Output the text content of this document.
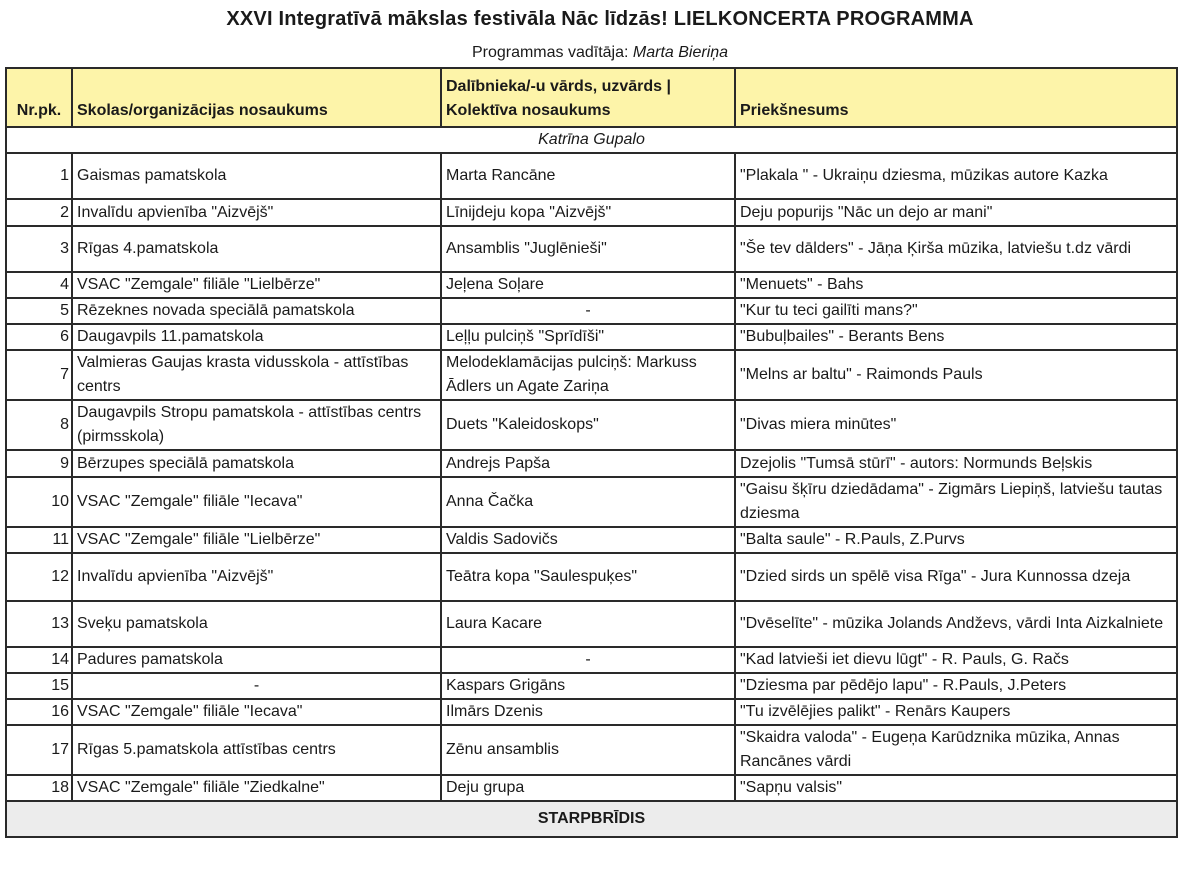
XXVI Integratīvā mākslas festivāla Nāc līdzās! LIELKONCERTA PROGRAMMA
Programmas vadītāja: Marta Bieriņa
Nr.pk.	Skolas/organizācijas nosaukums	Dalībnieka/-u vārds, uzvārds | Kolektīva nosaukums	Priekšnesums
Katrīna Gupalo			
1	Gaismas pamatskola	Marta Rancāne	"Plakala " - Ukraiņu dziesma, mūzikas autore Kazka
2	Invalīdu apvienība "Aizvējš"	Līnijdeju kopa "Aizvējš"	Deju popurijs "Nāc un dejo ar mani"
3	Rīgas 4.pamatskola	Ansamblis "Juglēnieši"	"Še tev dālders" - Jāņa Ķirša mūzika, latviešu t.dz vārdi
4	VSAC "Zemgale" filiāle "Lielbērze"	Jeļena Soļare	"Menuets" - Bahs
5	Rēzeknes novada speciālā pamatskola	-	"Kur tu teci gailīti mans?"
6	Daugavpils 11.pamatskola	Leļļu pulciņš "Sprīdīši"	"Bubuļbailes" - Berants Bens
7	Valmieras Gaujas krasta vidusskola - attīstības centrs	Melodeklamācijas pulciņš: Markuss Ādlers un Agate Zariņa	"Melns ar baltu" - Raimonds Pauls
8	Daugavpils Stropu pamatskola - attīstības centrs (pirmsskola)	Duets "Kaleidoskops"	"Divas miera minūtes"
9	Bērzupes speciālā pamatskola	Andrejs Papša	Dzejolis "Tumsā stūrī" - autors: Normunds Beļskis
10	VSAC "Zemgale" filiāle "Iecava"	Anna Čačka	"Gaisu šķīru dziedādama" - Zigmārs Liepiņš, latviešu tautas dziesma
11	VSAC "Zemgale" filiāle "Lielbērze"	Valdis Sadovičs	"Balta saule" - R.Pauls, Z.Purvs
12	Invalīdu apvienība "Aizvējš"	Teātra kopa "Saulespuķes"	"Dzied sirds un spēlē visa Rīga" - Jura Kunnossa dzeja
13	Sveķu pamatskola	Laura Kacare	"Dvēselīte" - mūzika Jolands Andževs, vārdi Inta Aizkalniete
14	Padures pamatskola	-	"Kad latvieši iet dievu lūgt" - R. Pauls, G. Račs
15	-	Kaspars Grigāns	"Dziesma par pēdējo lapu" - R.Pauls, J.Peters
16	VSAC "Zemgale" filiāle "Iecava"	Ilmārs Dzenis	"Tu izvēlējies palikt" - Renārs Kaupers
17	Rīgas 5.pamatskola attīstības centrs	Zēnu ansamblis	"Skaidra valoda" - Eugeņa Karūdznika mūzika, Annas Rancānes vārdi
18	VSAC "Zemgale" filiāle "Ziedkalne"	Deju grupa	"Sapņu valsis"
STARPBRĪDIS			
